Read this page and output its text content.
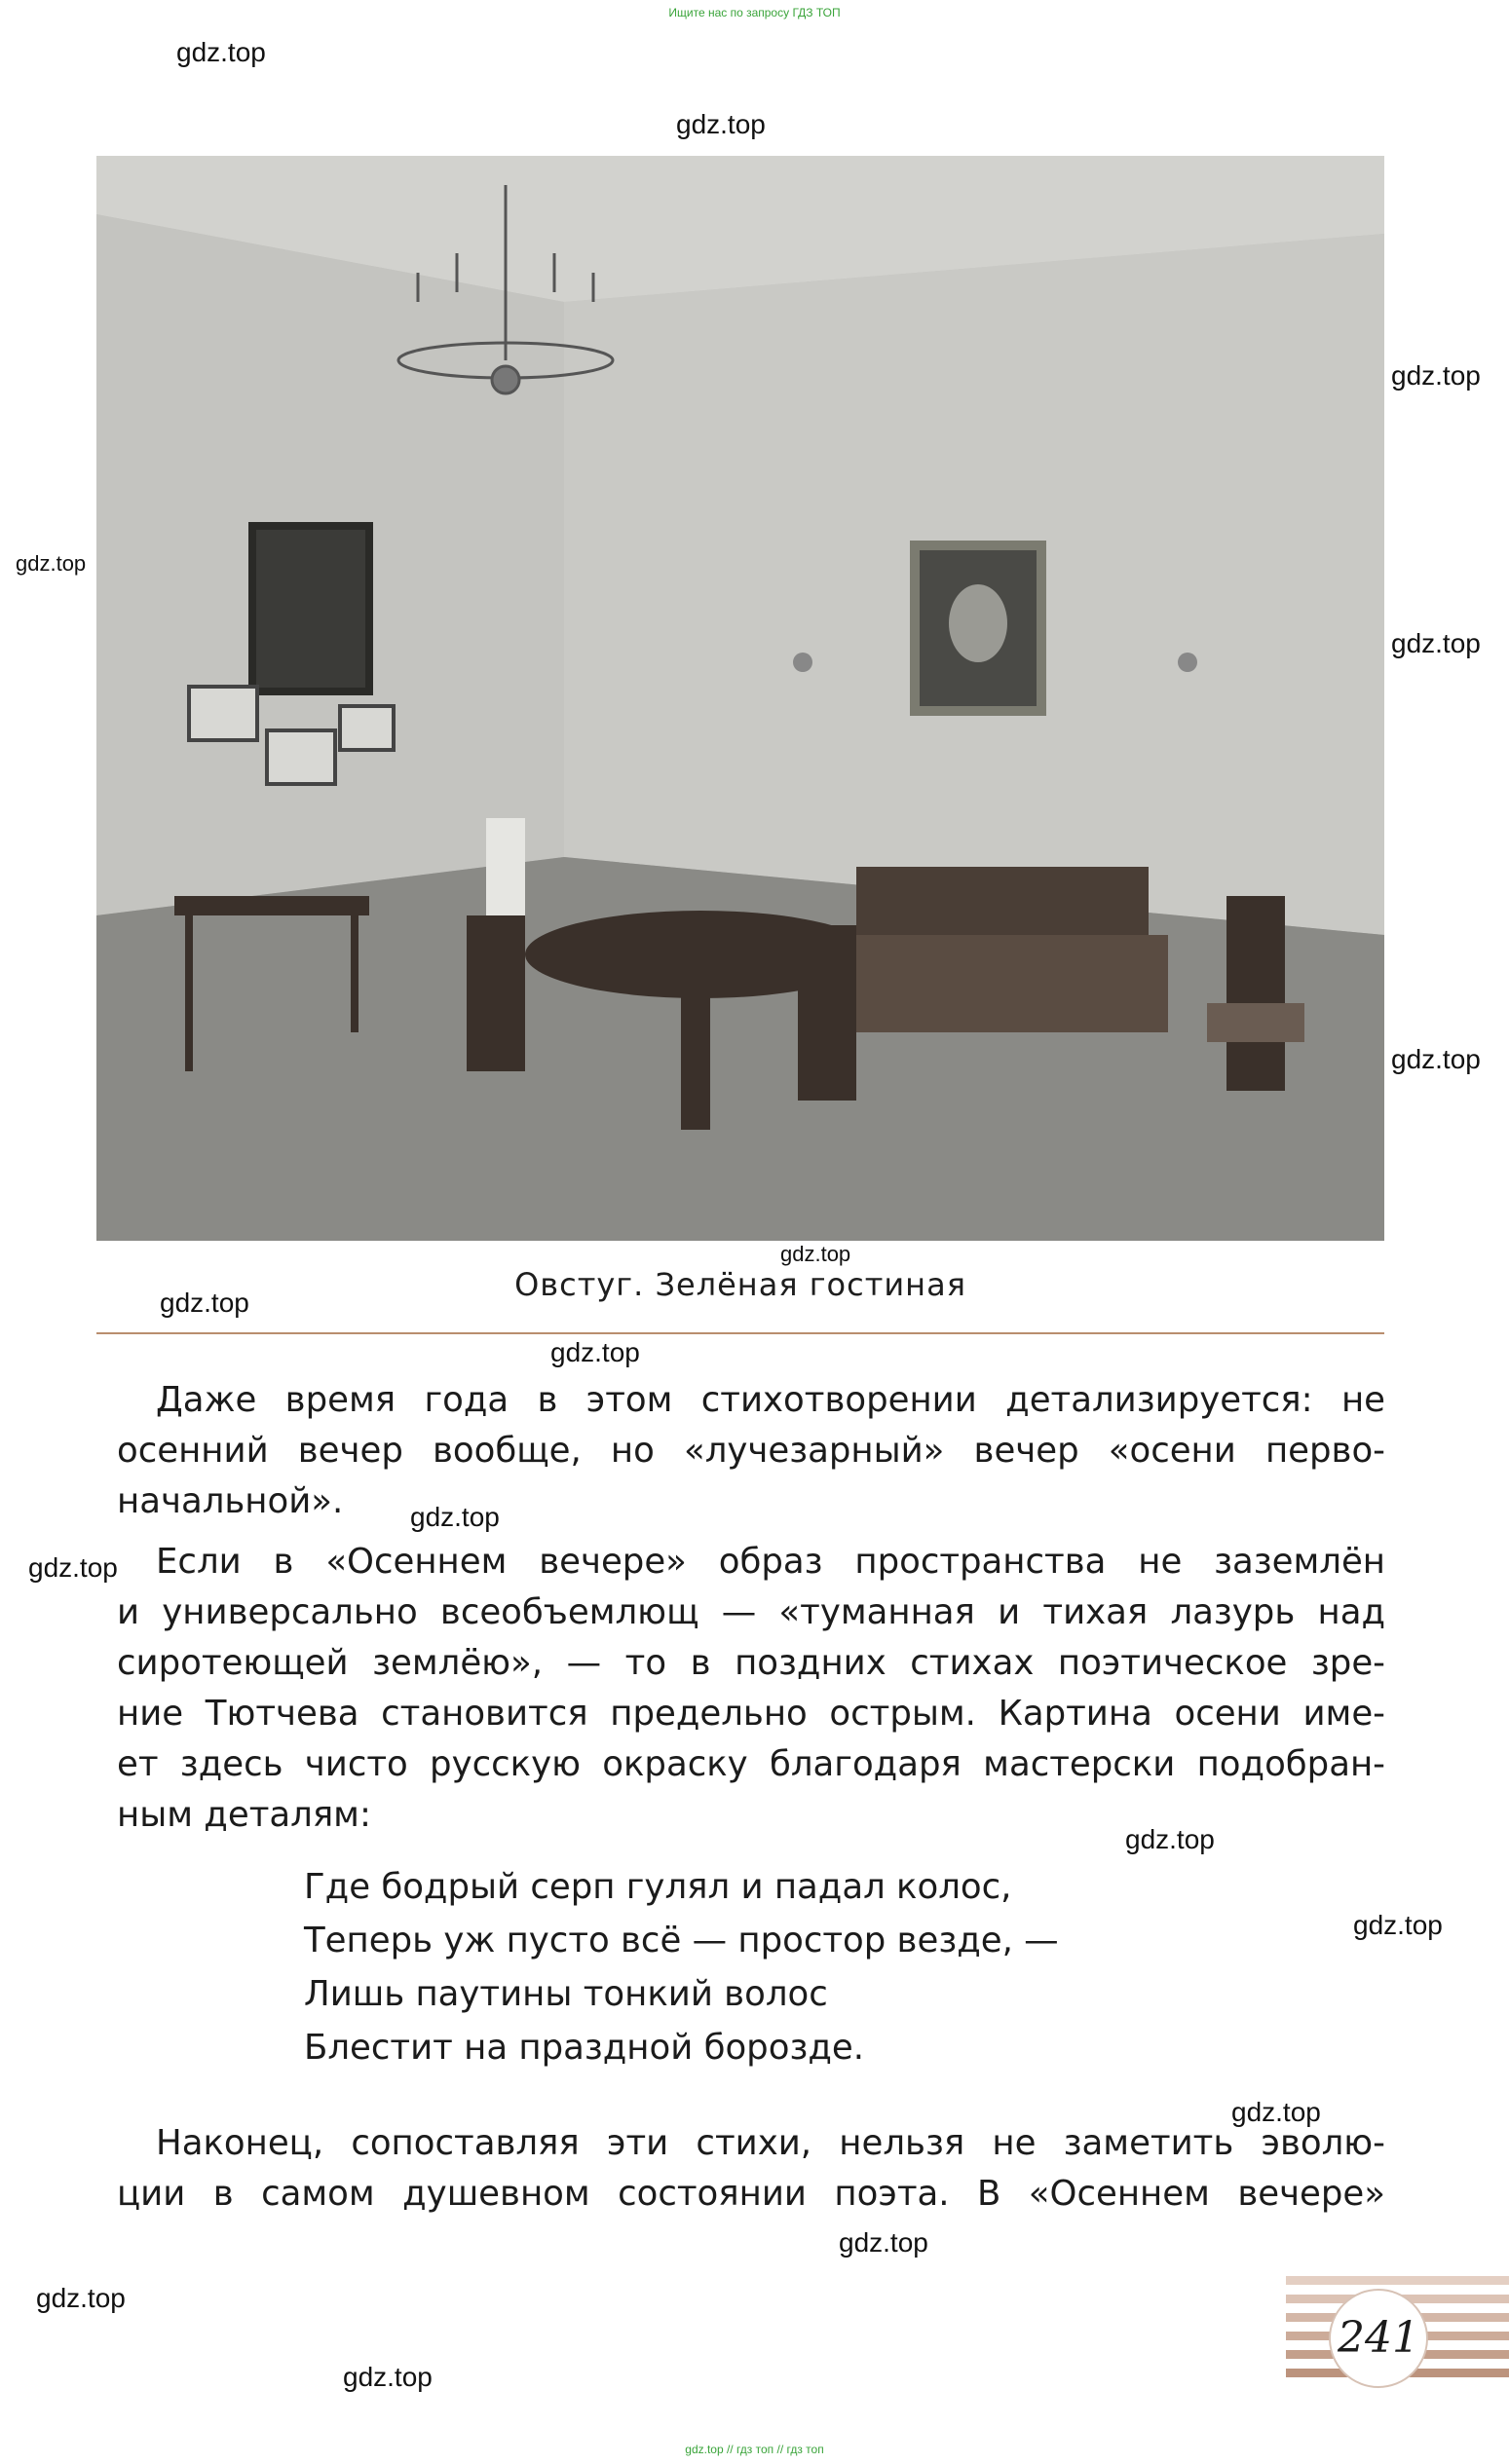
Ищите нас по запросу ГДЗ ТОП
Овстуг. Зелёная гостиная
Даже время года в этом стихотворении детализируется: не
осенний вечер вообще, но «лучезарный» вечер «осени перво-
начальной».
Если в «Осеннем вечере» образ пространства не заземлён
и универсально всеобъемлющ — «туманная и тихая лазурь над
сиротеющей землёю», — то в поздних стихах поэтическое зре-
ние Тютчева становится предельно острым. Картина осени име-
ет здесь чисто русскую окраску благодаря мастерски подобран-
ным деталям:
Где бодрый серп гулял и падал колос,
Теперь уж пусто всё — простор везде, —
Лишь паутины тонкий волос
Блестит на праздной борозде.
Наконец, сопоставляя эти стихи, нельзя не заметить эволю-
ции в самом душевном состоянии поэта. В «Осеннем вечере»
241
gdz.top
gdz.top
gdz.top
gdz.top
gdz.top
gdz.top
gdz.top
gdz.top
gdz.top
gdz.top
gdz.top
gdz.top
gdz.top
gdz.top
gdz.top
gdz.top
gdz.top
gdz.top // гдз топ // гдз топ
